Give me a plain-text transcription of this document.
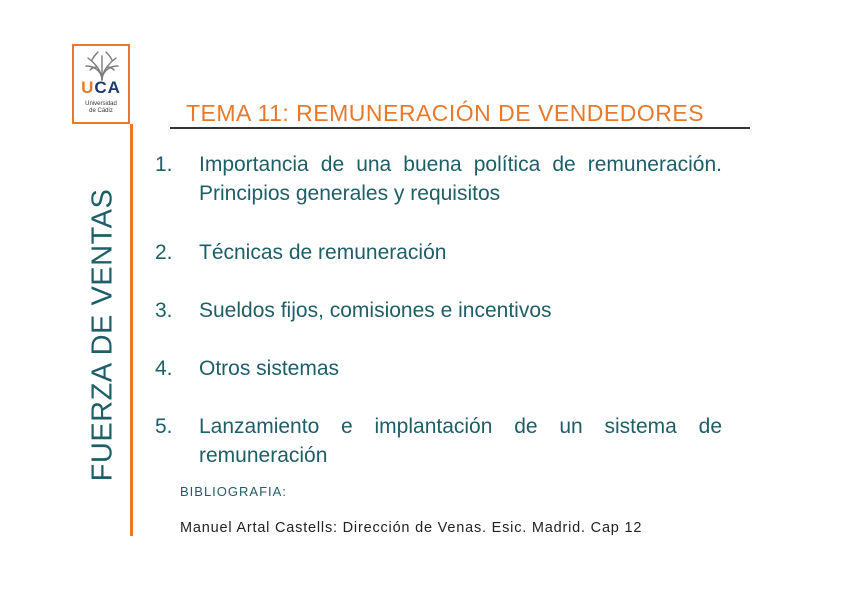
UCA
Universidad
de Cádiz
FUERZA DE VENTAS
TEMA 11: REMUNERACIÓN DE VENDEDORES
1.	Importancia de una buena política de remuneración. Principios generales y requisitos
2.	Técnicas de remuneración
3.	Sueldos fijos, comisiones e incentivos
4.	Otros sistemas
5.	Lanzamiento e implantación de un sistema de remuneración
BIBLIOGRAFIA:
Manuel Artal Castells: Dirección de Venas. Esic. Madrid. Cap 12
